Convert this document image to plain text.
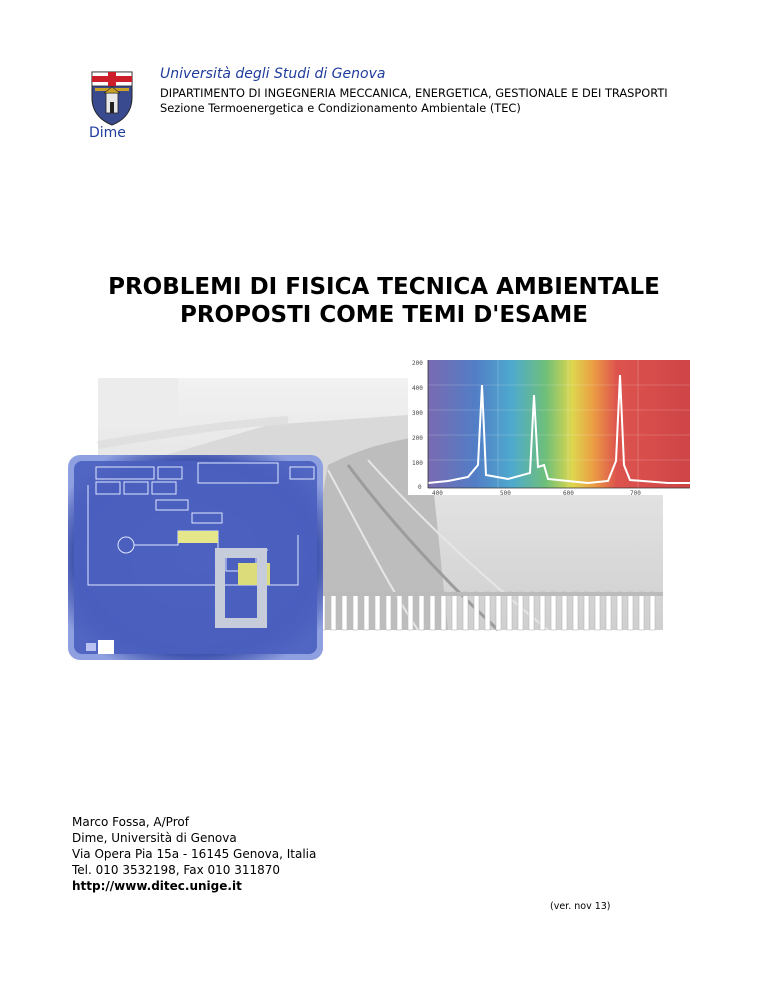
Dime
Università degli Studi di Genova
DIPARTIMENTO DI INGEGNERIA MECCANICA, ENERGETICA, GESTIONALE E DEI TRASPORTI
Sezione Termoenergetica e Condizionamento Ambientale (TEC)
PROBLEMI DI FISICA TECNICA AMBIENTALE
PROPOSTI COME TEMI D'ESAME
200
400
300
200
100
0
400	500	600	700
Marco Fossa, A/Prof
Dime, Università di Genova
Via Opera Pia 15a - 16145 Genova, Italia
Tel. 010 3532198, Fax 010 311870
http://www.ditec.unige.it
(ver. nov 13)
